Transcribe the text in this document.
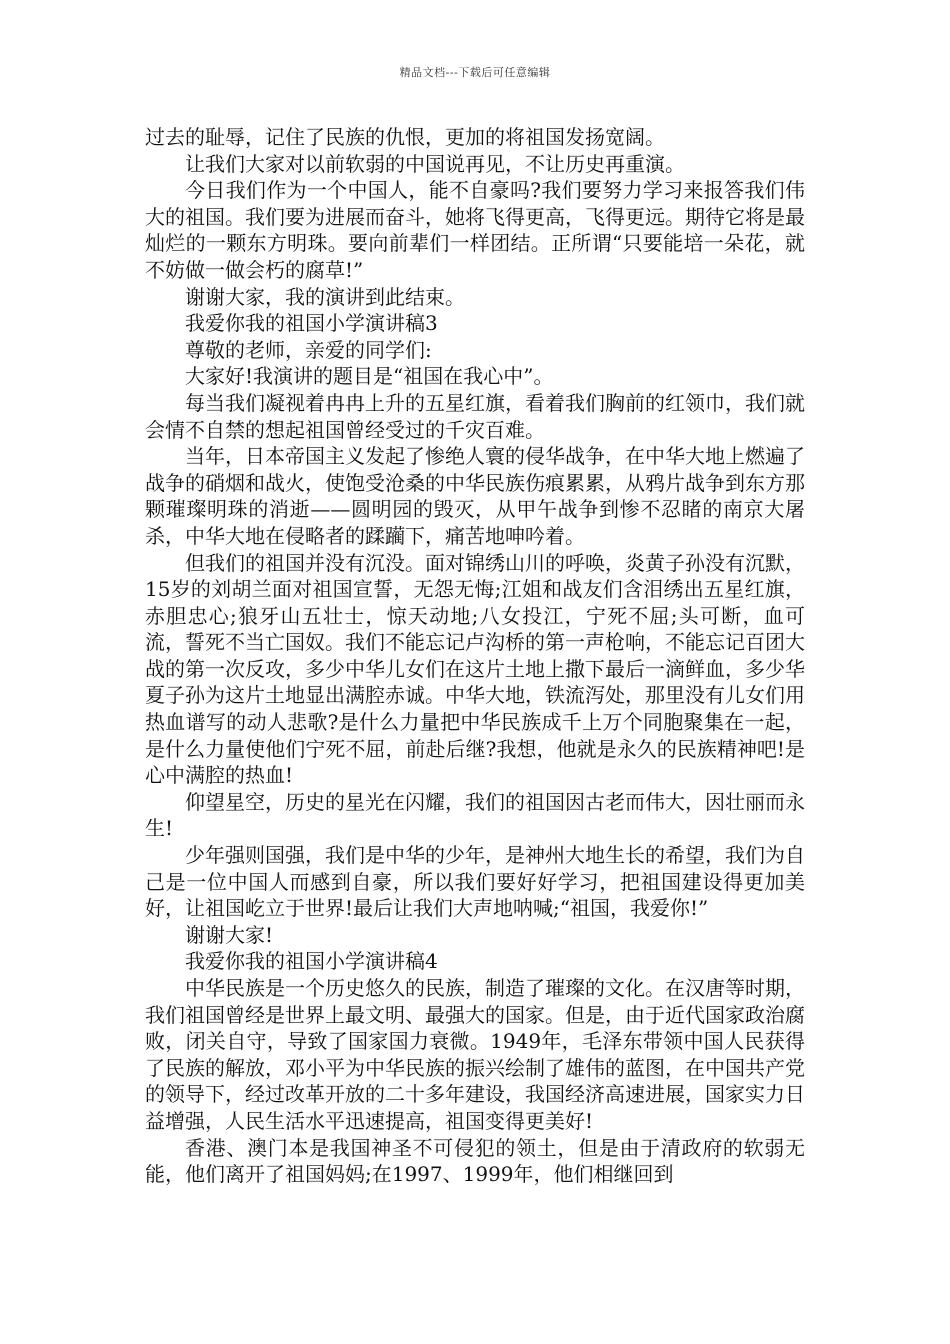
精品文档---下载后可任意编辑

过去的耻辱，记住了民族的仇恨，更加的将祖国发扬宽阔。

让我们大家对以前软弱的中国说再见，不让历史再重演。

今日我们作为一个中国人，能不自豪吗?我们要努力学习来报答我们伟大的祖国。我们要为进展而奋斗，她将飞得更高，飞得更远。期待它将是最灿烂的一颗东方明珠。要向前辈们一样团结。正所谓“只要能培一朵花，就不妨做一做会朽的腐草!”

谢谢大家，我的演讲到此结束。

我爱你我的祖国小学演讲稿3

尊敬的老师，亲爱的同学们:

大家好!我演讲的题目是“祖国在我心中”。

每当我们凝视着冉冉上升的五星红旗，看着我们胸前的红领巾，我们就会情不自禁的想起祖国曾经受过的千灾百难。

当年，日本帝国主义发起了惨绝人寰的侵华战争，在中华大地上燃遍了战争的硝烟和战火，使饱受沧桑的中华民族伤痕累累，从鸦片战争到东方那颗璀璨明珠的消逝——圆明园的毁灭，从甲午战争到惨不忍睹的南京大屠杀，中华大地在侵略者的蹂躏下，痛苦地呻吟着。

但我们的祖国并没有沉没。面对锦绣山川的呼唤，炎黄子孙没有沉默，15岁的刘胡兰面对祖国宣誓，无怨无悔;江姐和战友们含泪绣出五星红旗，赤胆忠心;狼牙山五壮士，惊天动地;八女投江，宁死不屈;头可断，血可流，誓死不当亡国奴。我们不能忘记卢沟桥的第一声枪响，不能忘记百团大战的第一次反攻，多少中华儿女们在这片土地上撒下最后一滴鲜血，多少华夏子孙为这片土地显出满腔赤诚。中华大地，铁流泻处，那里没有儿女们用热血谱写的动人悲歌?是什么力量把中华民族成千上万个同胞聚集在一起，是什么力量使他们宁死不屈，前赴后继?我想，他就是永久的民族精神吧!是心中满腔的热血!

仰望星空，历史的星光在闪耀，我们的祖国因古老而伟大，因壮丽而永生!

少年强则国强，我们是中华的少年，是神州大地生长的希望，我们为自己是一位中国人而感到自豪，所以我们要好好学习，把祖国建设得更加美好，让祖国屹立于世界!最后让我们大声地呐喊;“祖国，我爱你!”

谢谢大家!

我爱你我的祖国小学演讲稿4

中华民族是一个历史悠久的民族，制造了璀璨的文化。在汉唐等时期，我们祖国曾经是世界上最文明、最强大的国家。但是，由于近代国家政治腐败，闭关自守，导致了国家国力衰微。1949年，毛泽东带领中国人民获得了民族的解放，邓小平为中华民族的振兴绘制了雄伟的蓝图，在中国共产党的领导下，经过改革开放的二十多年建设，我国经济高速进展，国家实力日益增强，人民生活水平迅速提高，祖国变得更美好!

香港、澳门本是我国神圣不可侵犯的领土，但是由于清政府的软弱无能，他们离开了祖国妈妈;在1997、1999年，他们相继回到
